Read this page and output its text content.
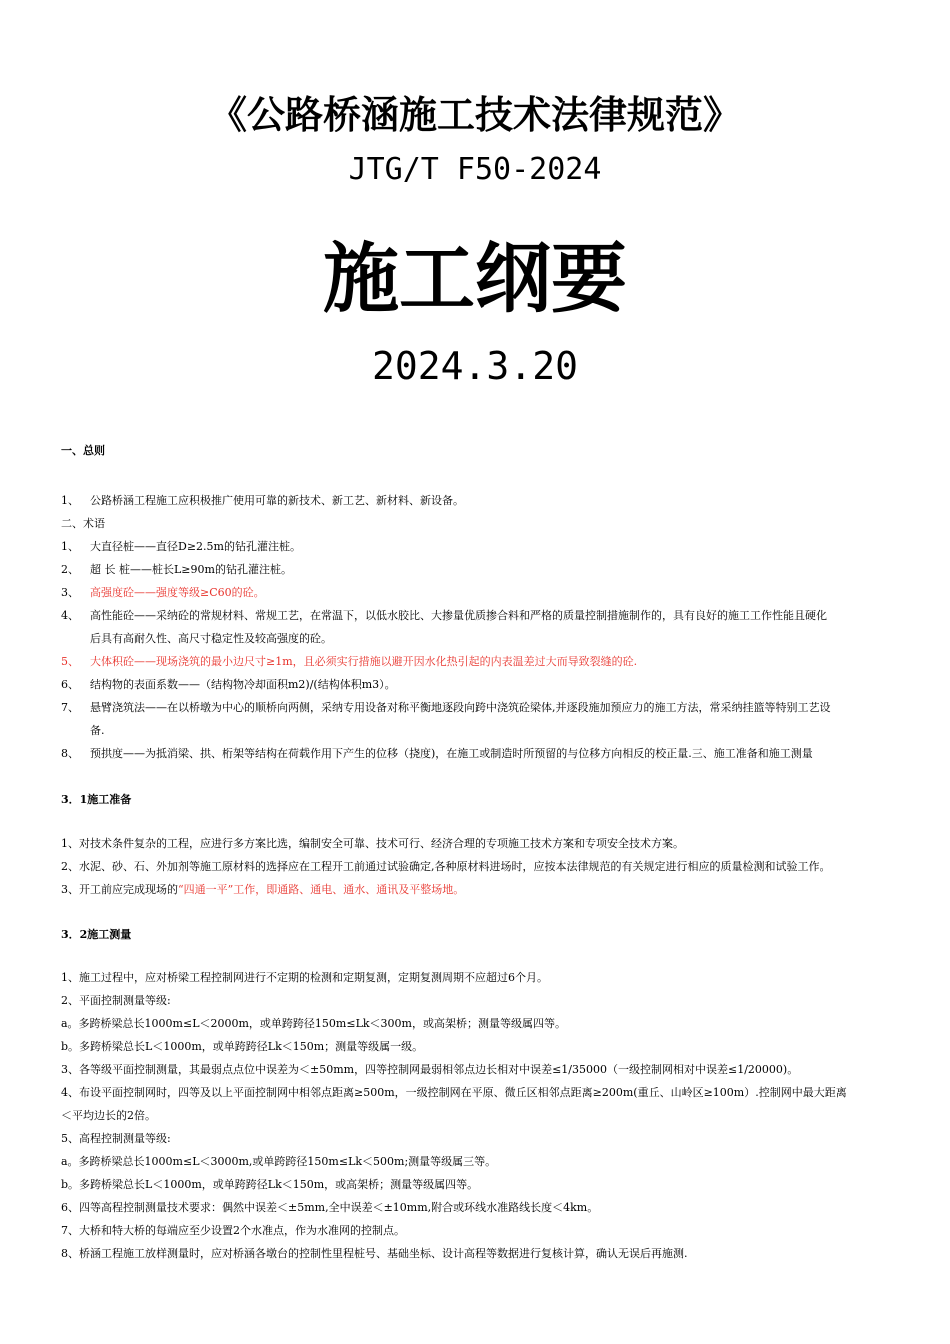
《公路桥涵施工技术法律规范》
JTG/T F50-2024
施工纲要
2024.3.20
一、总则
1、 公路桥涵工程施工应积极推广使用可靠的新技术、新工艺、新材料、新设备。
二、术语
1、 大直径桩——直径D≥2.5m的钻孔灌注桩。
2、 超 长 桩——桩长L≥90m的钻孔灌注桩。
3、 高强度砼——强度等级≥C60的砼。
4、 高性能砼——采纳砼的常规材料、常规工艺，在常温下，以低水胶比、大掺量优质掺合料和严格的质量控制措施制作的，具有良好的施工工作性能且硬化
后具有高耐久性、高尺寸稳定性及较高强度的砼。
5、 大体积砼——现场浇筑的最小边尺寸≥1m，且必须实行措施以避开因水化热引起的内表温差过大而导致裂缝的砼.
6、 结构物的表面系数——（结构物冷却面积m2)/(结构体积m3）。
7、 悬臂浇筑法——在以桥墩为中心的顺桥向两侧，采纳专用设备对称平衡地逐段向跨中浇筑砼梁体,并逐段施加预应力的施工方法，常采纳挂篮等特别工艺设
备.
8、 预拱度——为抵消梁、拱、桁架等结构在荷载作用下产生的位移（挠度)，在施工或制造时所预留的与位移方向相反的校正量.三、施工准备和施工测量
3．1施工准备
1、对技术条件复杂的工程，应进行多方案比选，编制安全可靠、技术可行、经济合理的专项施工技术方案和专项安全技术方案。
2、水泥、砂、石、外加剂等施工原材料的选择应在工程开工前通过试验确定,各种原材料进场时，应按本法律规范的有关规定进行相应的质量检测和试验工作。
3、开工前应完成现场的“四通一平”工作，即通路、通电、通水、通讯及平整场地。
3．2施工测量
1、施工过程中，应对桥梁工程控制网进行不定期的检测和定期复测，定期复测周期不应超过6个月。
2、平面控制测量等级:
a。多跨桥梁总长1000m≤L＜2000m，或单跨跨径150m≤Lk＜300m，或高架桥；测量等级属四等。
b。多跨桥梁总长L＜1000m，或单跨跨径Lk＜150m；测量等级属一级。
3、各等级平面控制测量，其最弱点点位中误差为＜±50mm，四等控制网最弱相邻点边长相对中误差≤1/35000（一级控制网相对中误差≤1/20000)。
4、布设平面控制网时，四等及以上平面控制网中相邻点距离≥500m，一级控制网在平原、微丘区相邻点距离≥200m(重丘、山岭区≥100m）.控制网中最大距离
＜平均边长的2倍。
5、高程控制测量等级:
a。多跨桥梁总长1000m≤L＜3000m,或单跨跨径150m≤Lk＜500m;测量等级属三等。
b。多跨桥梁总长L＜1000m，或单跨跨径Lk＜150m，或高架桥；测量等级属四等。
6、四等高程控制测量技术要求：偶然中误差＜±5mm,全中误差＜±10mm,附合或环线水准路线长度＜4km。
7、大桥和特大桥的每端应至少设置2个水准点，作为水准网的控制点。
8、桥涵工程施工放样测量时，应对桥涵各墩台的控制性里程桩号、基础坐标、设计高程等数据进行复核计算，确认无误后再施测.
